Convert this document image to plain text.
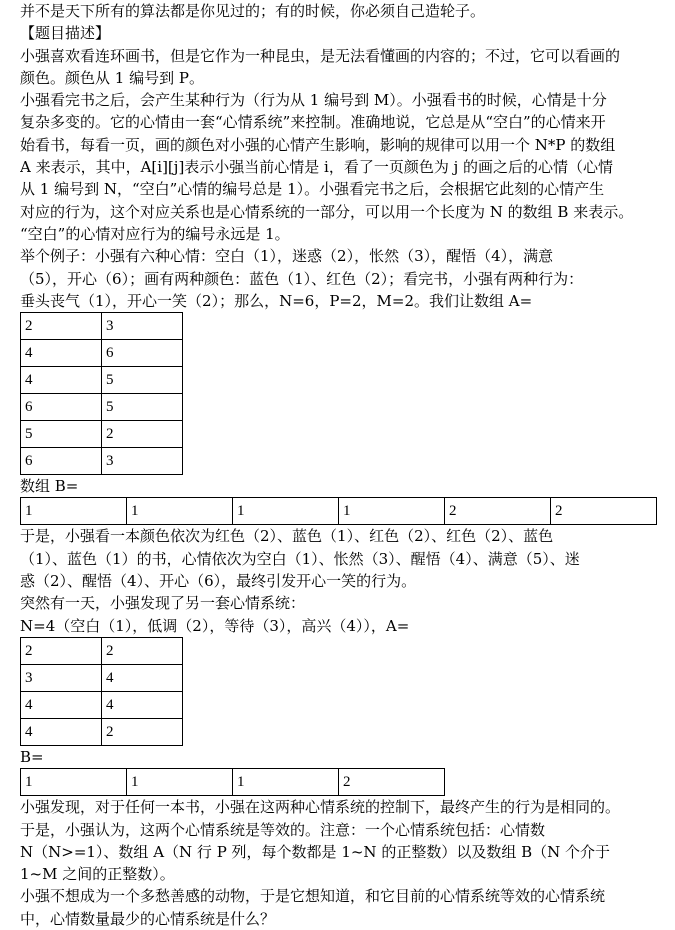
并不是天下所有的算法都是你见过的；有的时候，你必须自己造轮子。
【题目描述】
小强喜欢看连环画书，但是它作为一种昆虫，是无法看懂画的内容的；不过，它可以看画的
颜色。颜色从 1 编号到 P。
小强看完书之后，会产生某种行为（行为从 1 编号到 M）。小强看书的时候，心情是十分
复杂多变的。它的心情由一套“心情系统”来控制。准确地说，它总是从“空白”的心情来开
始看书，每看一页，画的颜色对小强的心情产生影响，影响的规律可以用一个 N*P 的数组
A 来表示，其中，A[i][j]表示小强当前心情是 i，看了一页颜色为 j 的画之后的心情（心情
从 1 编号到 N，“空白”心情的编号总是 1）。小强看完书之后，会根据它此刻的心情产生
对应的行为，这个对应关系也是心情系统的一部分，可以用一个长度为 N 的数组 B 来表示。
“空白”的心情对应行为的编号永远是 1。
举个例子：小强有六种心情：空白（1），迷惑（2），怅然（3），醒悟（4），满意
（5），开心（6）；画有两种颜色：蓝色（1）、红色（2）；看完书，小强有两种行为：
垂头丧气（1），开心一笑（2）；那么，N=6，P=2，M=2。我们让数组 A=
2	3
4	6
4	5
6	5
5	2
6	3
数组 B=
1	1	1	1	2	2
于是，小强看一本颜色依次为红色（2）、蓝色（1）、红色（2）、红色（2）、蓝色
（1）、蓝色（1）的书，心情依次为空白（1）、怅然（3）、醒悟（4）、满意（5）、迷
惑（2）、醒悟（4）、开心（6），最终引发开心一笑的行为。
突然有一天，小强发现了另一套心情系统：
N=4（空白（1），低调（2），等待（3），高兴（4）），A=
2	2
3	4
4	4
4	2
B=
1	1	1	2
小强发现，对于任何一本书，小强在这两种心情系统的控制下，最终产生的行为是相同的。
于是，小强认为，这两个心情系统是等效的。注意：一个心情系统包括：心情数
N（N>=1）、数组 A（N 行 P 列，每个数都是 1~N 的正整数）以及数组 B（N 个介于
1~M 之间的正整数）。
小强不想成为一个多愁善感的动物，于是它想知道，和它目前的心情系统等效的心情系统
中，心情数量最少的心情系统是什么？
